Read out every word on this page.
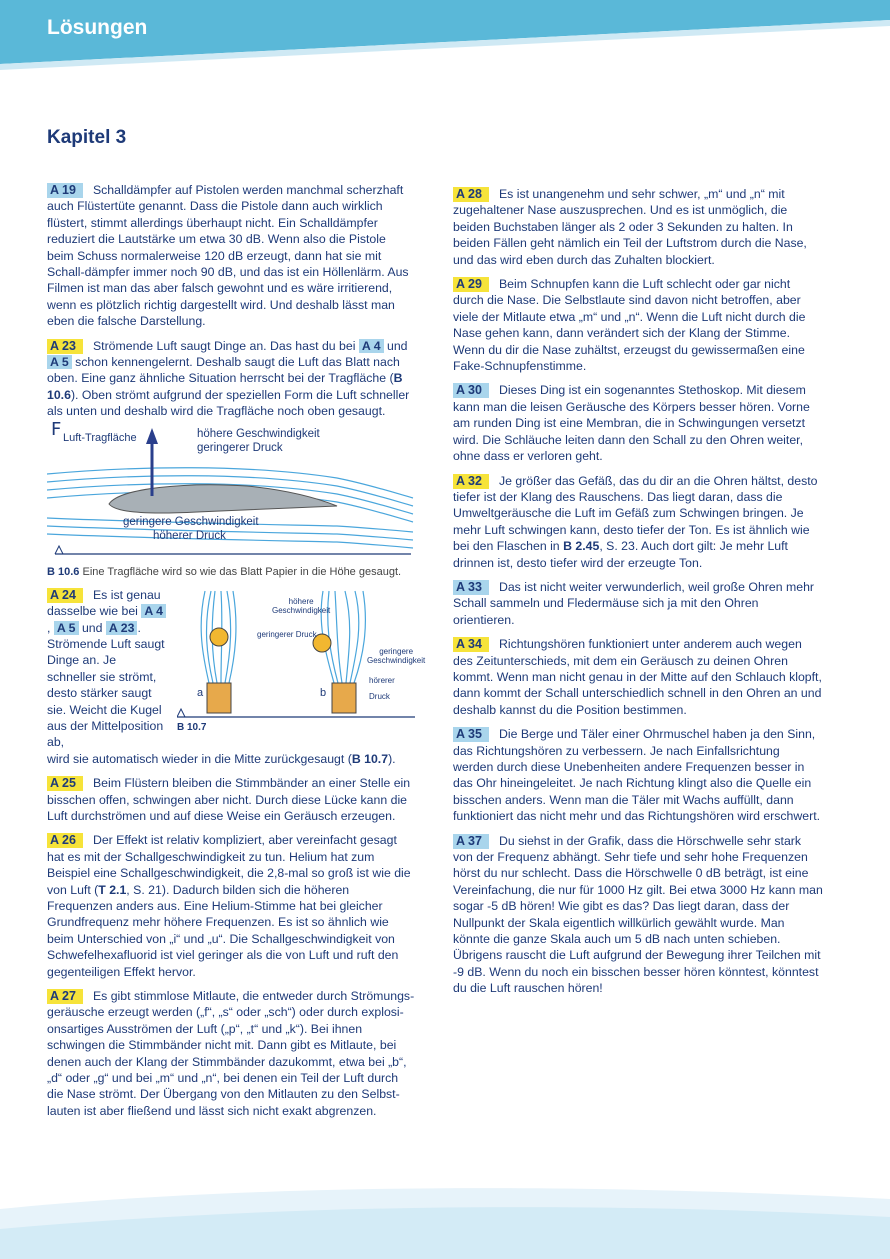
Lösungen
Kapitel 3
A 19 Schalldämpfer auf Pistolen werden manchmal scherzhaft auch Flüstertüte genannt. Dass die Pistole dann auch wirklich flüstert, stimmt allerdings überhaupt nicht. Ein Schalldämpfer reduziert die Lautstärke um etwa 30 dB. Wenn also die Pistole beim Schuss normalerweise 120 dB erzeugt, dann hat sie mit Schall-dämpfer immer noch 90 dB, und das ist ein Höllenlärm. Aus Filmen ist man das aber falsch gewohnt und es wäre irritierend, wenn es plötzlich richtig dargestellt wird. Und deshalb lässt man eben die falsche Darstellung.
A 23 Strömende Luft saugt Dinge an. Das hast du bei A 4 und A 5 schon kennengelernt. Deshalb saugt die Luft das Blatt nach oben. Eine ganz ähnliche Situation herrscht bei der Tragfläche (B 10.6). Oben strömt aufgrund der speziellen Form die Luft schneller als unten und deshalb wird die Tragfläche noch oben gesaugt.
F Luft-Tragfläche	höhere Geschwindigkeit
geringerer Druck
geringere Geschwindigkeit
höherer Druck
B 10.6 Eine Tragfläche wird so wie das Blatt Papier in die Höhe gesaugt.
A 24 Es ist genau dasselbe wie bei A 4, A 5 und A 23 . Strömende Luft saugt Dinge an. Je schneller sie strömt, desto stärker saugt sie. Weicht die Kugel aus der Mittelposition ab,
wird sie automatisch wieder in die Mitte zurückgesaugt (B 10.7).
höhere
Geschwindigkeit
geringerer Druck
geringere
Geschwindigkeit
hörerer Druck
a	b
B 10.7
A 25 Beim Flüstern bleiben die Stimmbänder an einer Stelle ein bisschen offen, schwingen aber nicht. Durch diese Lücke kann die Luft durchströmen und auf diese Weise ein Geräusch erzeugen.
A 26 Der Effekt ist relativ kompliziert, aber vereinfacht gesagt hat es mit der Schallgeschwindigkeit zu tun. Helium hat zum Beispiel eine Schallgeschwindigkeit, die 2,8-mal so groß ist wie die von Luft (T 2.1, S. 21). Dadurch bilden sich die höheren Frequenzen anders aus. Eine Helium-Stimme hat bei gleicher Grundfrequenz mehr höhere Frequenzen. Es ist so ähnlich wie beim Unterschied von „i“ und „u“. Die Schallgeschwindigkeit von Schwefelhexafluorid ist viel geringer als die von Luft und ruft den gegenteiligen Effekt hervor.
A 27 Es gibt stimmlose Mitlaute, die entweder durch Strömungs-geräusche erzeugt werden („f“, „s“ oder „sch“) oder durch explosi-onsartiges Ausströmen der Luft („p“, „t“ und „k“). Bei ihnen schwingen die Stimmbänder nicht mit. Dann gibt es Mitlaute, bei denen auch der Klang der Stimmbänder dazukommt, etwa bei „b“, „d“ oder „g“ und bei „m“ und „n“, bei denen ein Teil der Luft durch die Nase strömt. Der Übergang von den Mitlauten zu den Selbst-lauten ist aber fließend und lässt sich nicht exakt abgrenzen.
A 28 Es ist unangenehm und sehr schwer, „m“ und „n“ mit zugehaltener Nase auszusprechen. Und es ist unmöglich, die beiden Buchstaben länger als 2 oder 3 Sekunden zu halten. In beiden Fällen geht nämlich ein Teil der Luftstrom durch die Nase, und das wird eben durch das Zuhalten blockiert.
A 29 Beim Schnupfen kann die Luft schlecht oder gar nicht durch die Nase. Die Selbstlaute sind davon nicht betroffen, aber viele der Mitlaute etwa „m“ und „n“. Wenn die Luft nicht durch die Nase gehen kann, dann verändert sich der Klang der Stimme. Wenn du dir die Nase zuhältst, erzeugst du gewissermaßen eine Fake-Schnupfenstimme.
A 30 Dieses Ding ist ein sogenanntes Stethoskop. Mit diesem kann man die leisen Geräusche des Körpers besser hören. Vorne am runden Ding ist eine Membran, die in Schwingungen versetzt wird. Die Schläuche leiten dann den Schall zu den Ohren weiter, ohne dass er verloren geht.
A 32 Je größer das Gefäß, das du dir an die Ohren hältst, desto tiefer ist der Klang des Rauschens. Das liegt daran, dass die Umweltgeräusche die Luft im Gefäß zum Schwingen bringen. Je mehr Luft schwingen kann, desto tiefer der Ton. Es ist ähnlich wie bei den Flaschen in B 2.45, S. 23. Auch dort gilt: Je mehr Luft drinnen ist, desto tiefer wird der erzeugte Ton.
A 33 Das ist nicht weiter verwunderlich, weil große Ohren mehr Schall sammeln und Fledermäuse sich ja mit den Ohren orientieren.
A 34 Richtungshören funktioniert unter anderem auch wegen des Zeitunterschieds, mit dem ein Geräusch zu deinen Ohren kommt. Wenn man nicht genau in der Mitte auf den Schlauch klopft, dann kommt der Schall unterschiedlich schnell in den Ohren an und deshalb kannst du die Position bestimmen.
A 35 Die Berge und Täler einer Ohrmuschel haben ja den Sinn, das Richtungshören zu verbessern. Je nach Einfallsrichtung werden durch diese Unebenheiten andere Frequenzen besser in das Ohr hineingeleitet. Je nach Richtung klingt also die Quelle ein bisschen anders. Wenn man die Täler mit Wachs auffüllt, dann funktioniert das nicht mehr und das Richtungshören wird erschwert.
A 37 Du siehst in der Grafik, dass die Hörschwelle sehr stark von der Frequenz abhängt. Sehr tiefe und sehr hohe Frequenzen hörst du nur schlecht. Dass die Hörschwelle 0 dB beträgt, ist eine Vereinfachung, die nur für 1000 Hz gilt. Bei etwa 3000 Hz kann man sogar -5 dB hören! Wie gibt es das? Das liegt daran, dass der Nullpunkt der Skala eigentlich willkürlich gewählt wurde. Man könnte die ganze Skala auch um 5 dB nach unten schieben. Übrigens rauscht die Luft aufgrund der Bewegung ihrer Teilchen mit -9 dB. Wenn du noch ein bisschen besser hören könntest, könntest du die Luft rauschen hören!
